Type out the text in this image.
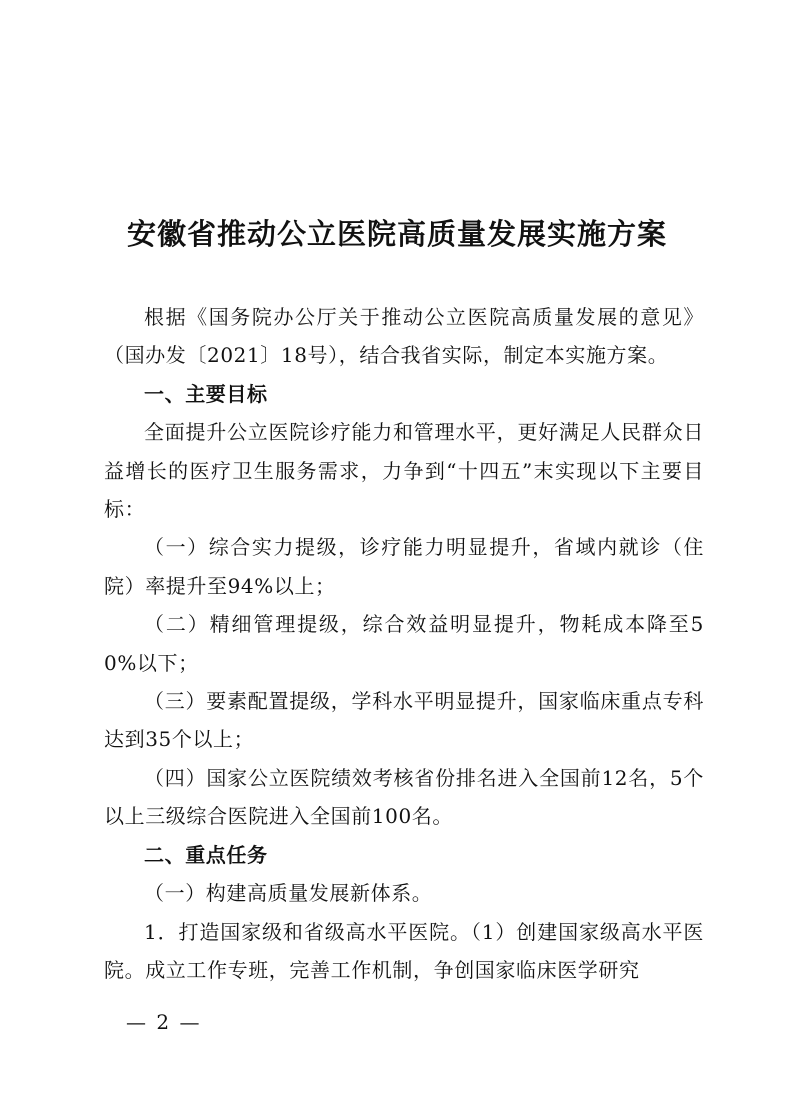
安徽省推动公立医院高质量发展实施方案

根据《国务院办公厅关于推动公立医院高质量发展的意见》（国办发〔2021〕18号），结合我省实际，制定本实施方案。

一、主要目标

全面提升公立医院诊疗能力和管理水平，更好满足人民群众日益增长的医疗卫生服务需求，力争到“十四五”末实现以下主要目标：

（一）综合实力提级，诊疗能力明显提升，省域内就诊（住院）率提升至94%以上；

（二）精细管理提级，综合效益明显提升，物耗成本降至50%以下；

（三）要素配置提级，学科水平明显提升，国家临床重点专科达到35个以上；

（四）国家公立医院绩效考核省份排名进入全国前12名，5个以上三级综合医院进入全国前100名。

二、重点任务

（一）构建高质量发展新体系。

1．打造国家级和省级高水平医院。（1）创建国家级高水平医院。成立工作专班，完善工作机制，争创国家临床医学研究

— 2 —
